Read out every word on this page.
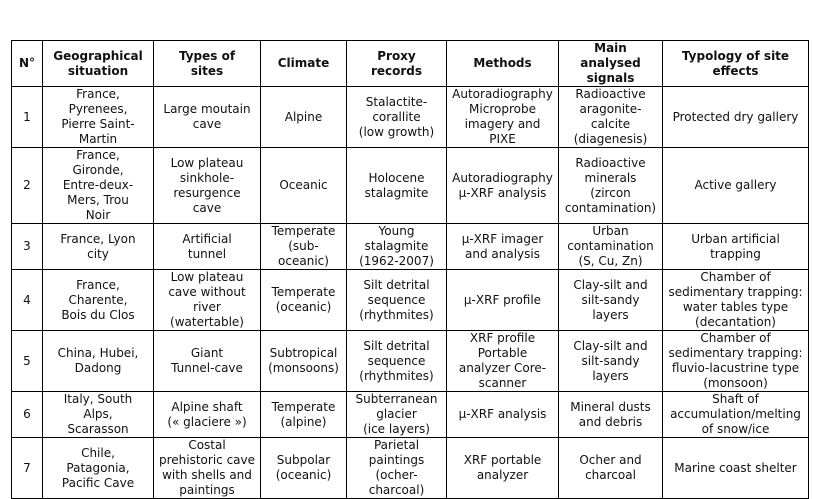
N°	Geographical
situation	Types of
sites	Climate	Proxy
records	Methods	Main analysed
signals	Typology of site
effects
1	France,
Pyrenees,
Pierre Saint-
Martin	Large moutain
cave	Alpine	Stalactite-
corallite
(low growth)	Autoradiography
Microprobe
imagery and
PIXE	Radioactive
aragonite-
calcite
(diagenesis)	Protected dry gallery
2	France,
Gironde,
Entre-deux-
Mers, Trou
Noir	Low plateau
sinkhole-
resurgence
cave	Oceanic	Holocene
stalagmite	Autoradiography
μ-XRF analysis	Radioactive
minerals
(zircon
contamination)	Active gallery
3	France, Lyon
city	Artificial
tunnel	Temperate
(sub-
oceanic)	Young
stalagmite
(1962-2007)	μ-XRF imager
and analysis	Urban
contamination
(S, Cu, Zn)	Urban artificial
trapping
4	France,
Charente,
Bois du Clos	Low plateau
cave without
river
(watertable)	Temperate
(oceanic)	Silt detrital
sequence
(rhythmites)	μ-XRF profile	Clay-silt and
silt-sandy
layers	Chamber of
sedimentary trapping:
water tables type
(decantation)
5	China, Hubei,
Dadong	Giant
Tunnel-cave	Subtropical
(monsoons)	Silt detrital
sequence
(rhythmites)	XRF profile
Portable
analyzer Core-
scanner	Clay-silt and
silt-sandy
layers	Chamber of
sedimentary trapping:
fluvio-lacustrine type
(monsoon)
6	Italy, South
Alps,
Scarasson	Alpine shaft
(« glaciere »)	Temperate
(alpine)	Subterranean
glacier
(ice layers)	μ-XRF analysis	Mineral dusts
and debris	Shaft of
accumulation/melting
of snow/ice
7	Chile,
Patagonia,
Pacific Cave	Costal
prehistoric cave
with shells and
paintings	Subpolar
(oceanic)	Parietal
paintings
(ocher-
charcoal)	XRF portable
analyzer	Ocher and
charcoal	Marine coast shelter
